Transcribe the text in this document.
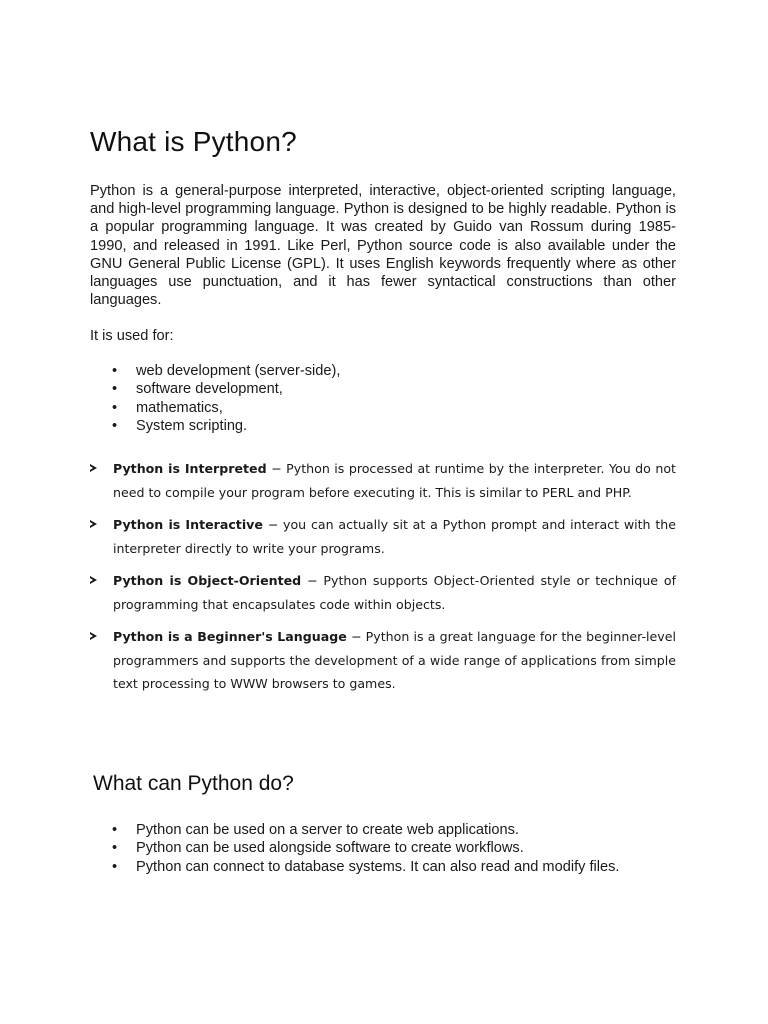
What is Python?

Python is a general-purpose interpreted, interactive, object-oriented scripting language, and high-level programming language. Python is designed to be highly readable. Python is a popular programming language. It was created by Guido van Rossum during 1985- 1990, and released in 1991. Like Perl, Python source code is also available under the GNU General Public License (GPL). It uses English keywords frequently where as other languages use punctuation, and it has fewer syntactical constructions than other languages.

It is used for:

• web development (server-side),
• software development,
• mathematics,
• System scripting.
Python is Interpreted − Python is processed at runtime by the interpreter. You do not need to compile your program before executing it. This is similar to PERL and PHP.
Python is Interactive − you can actually sit at a Python prompt and interact with the interpreter directly to write your programs.
Python is Object-Oriented − Python supports Object-Oriented style or technique of programming that encapsulates code within objects.
Python is a Beginner's Language − Python is a great language for the beginner-level programmers and supports the development of a wide range of applications from simple text processing to WWW browsers to games.
What can Python do?
• Python can be used on a server to create web applications.
• Python can be used alongside software to create workflows.
• Python can connect to database systems. It can also read and modify files.
